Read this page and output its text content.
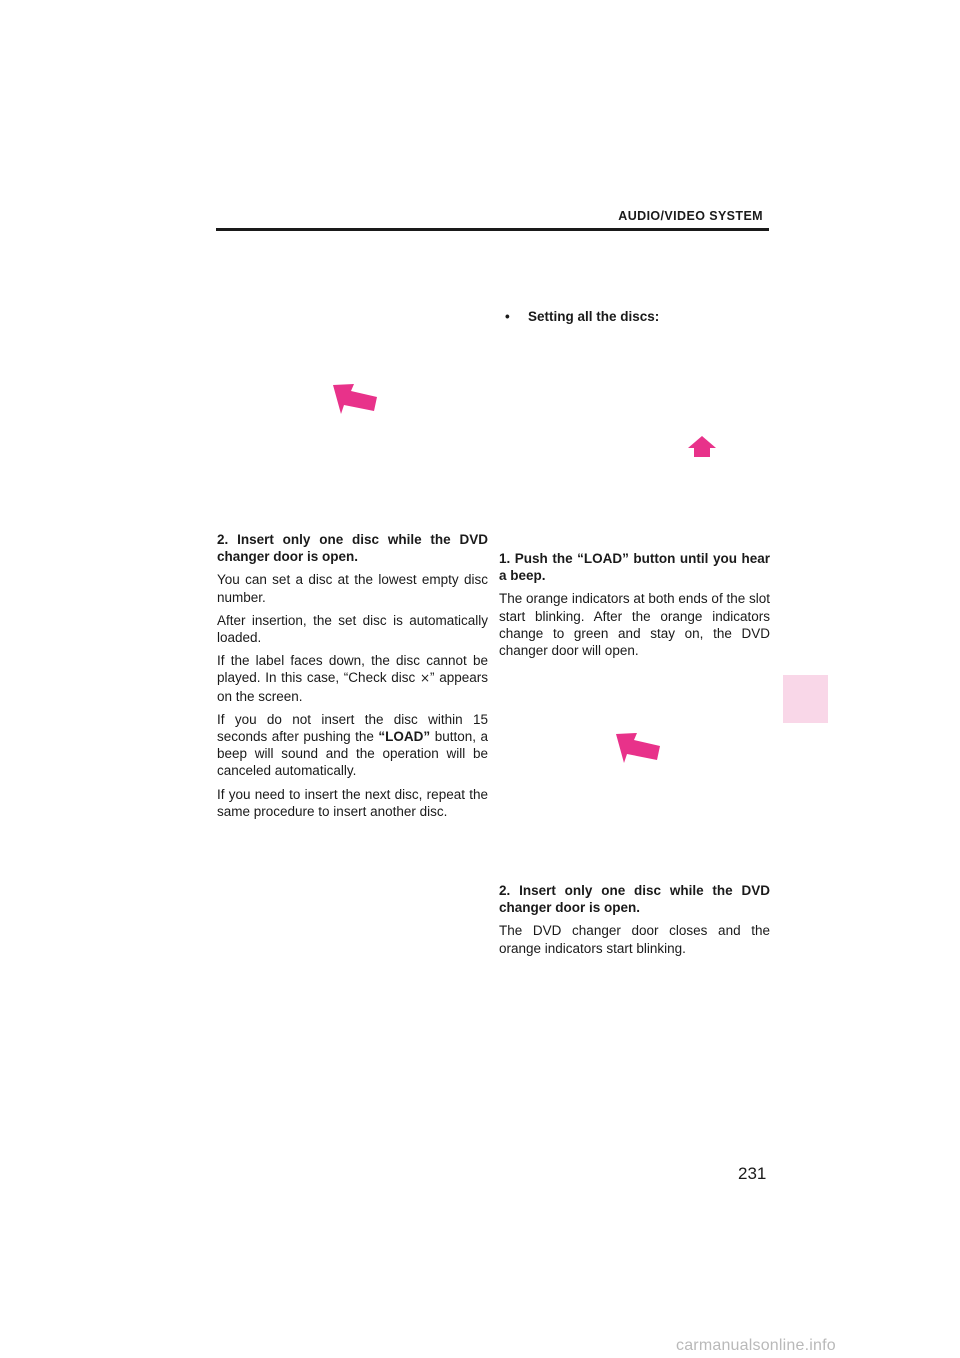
AUDIO/VIDEO SYSTEM

2. Insert only one disc while the DVD changer door is open.

You can set a disc at the lowest empty disc number.

After insertion, the set disc is automatically loaded.

If the label faces down, the disc cannot be played. In this case, “Check disc ×” appears on the screen.

If you do not insert the disc within 15 seconds after pushing the “LOAD” button, a beep will sound and the operation will be canceled automatically.

If you need to insert the next disc, repeat the same procedure to insert another disc.

• Setting all the discs:

1. Push the “LOAD” button until you hear a beep.

The orange indicators at both ends of the slot start blinking. After the orange indicators change to green and stay on, the DVD changer door will open.

2. Insert only one disc while the DVD changer door is open.

The DVD changer door closes and the orange indicators start blinking.

231
carmanualsonline.info
